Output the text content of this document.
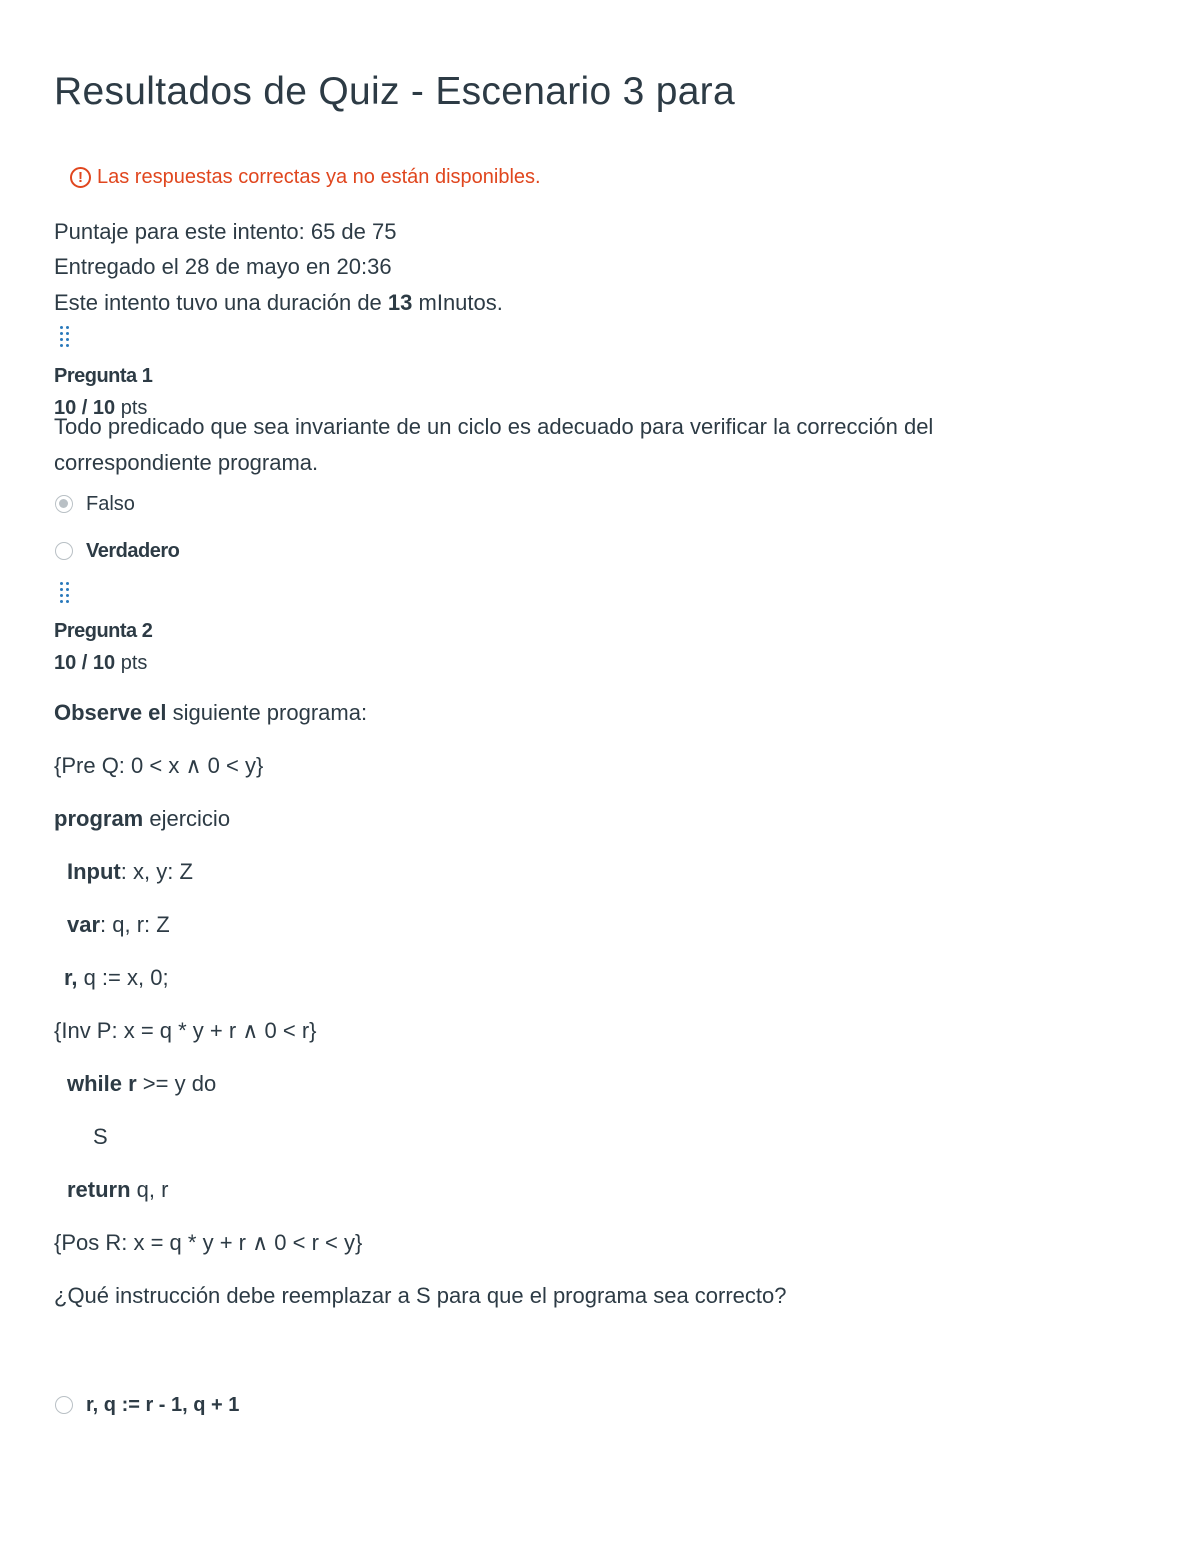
Resultados de Quiz - Escenario 3 para
! Las respuestas correctas ya no están disponibles.
Puntaje para este intento: 65 de 75
Entregado el 28 de mayo en 20:36
Este intento tuvo una duración de 13 mInutos.
Pregunta 1
10 / 10 pts
Todo predicado que sea invariante de un ciclo es adecuado para verificar la corrección del correspondiente programa.
Falso
Verdadero
Pregunta 2
10 / 10 pts
Observe el siguiente programa:
{Pre Q: 0 < x ∧ 0 < y}
program ejercicio
Input: x, y: Z
var: q, r: Z
r, q := x, 0;
{Inv P: x = q * y + r ∧ 0 < r}
while r >= y do
S
return q, r
{Pos R: x = q * y + r ∧ 0 < r < y}
¿Qué instrucción debe reemplazar a S para que el programa sea correcto?
r, q := r - 1, q + 1
